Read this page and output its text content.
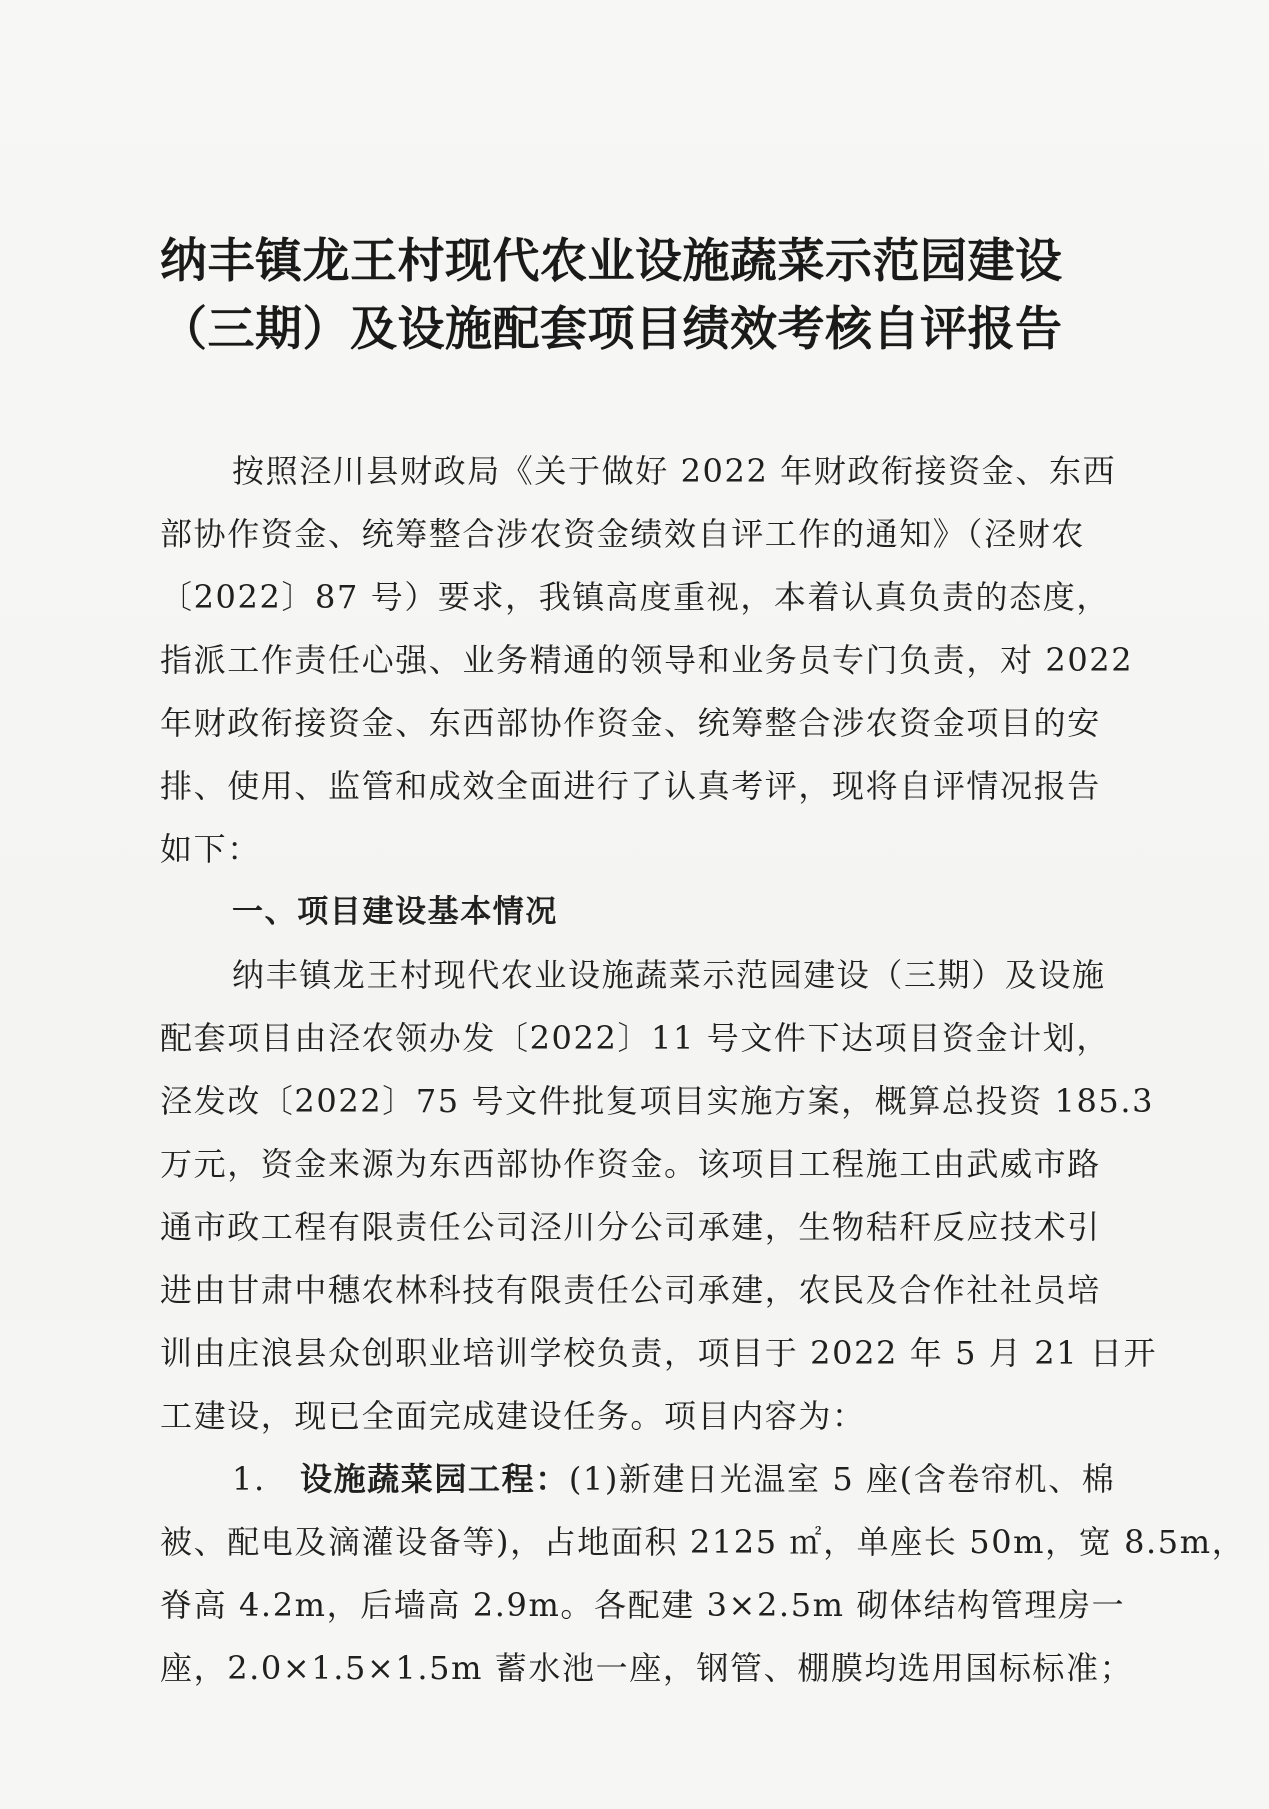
纳丰镇龙王村现代农业设施蔬菜示范园建设
（三期）及设施配套项目绩效考核自评报告
按照泾川县财政局《关于做好 2022 年财政衔接资金、东西
部协作资金、统筹整合涉农资金绩效自评工作的通知》（泾财农
〔2022〕87 号）要求，我镇高度重视，本着认真负责的态度，
指派工作责任心强、业务精通的领导和业务员专门负责，对 2022
年财政衔接资金、东西部协作资金、统筹整合涉农资金项目的安
排、使用、监管和成效全面进行了认真考评，现将自评情况报告
如下：
一、项目建设基本情况
纳丰镇龙王村现代农业设施蔬菜示范园建设（三期）及设施
配套项目由泾农领办发〔2022〕11 号文件下达项目资金计划，
泾发改〔2022〕75 号文件批复项目实施方案，概算总投资 185.3
万元，资金来源为东西部协作资金。该项目工程施工由武威市路
通市政工程有限责任公司泾川分公司承建，生物秸秆反应技术引
进由甘肃中穗农林科技有限责任公司承建，农民及合作社社员培
训由庄浪县众创职业培训学校负责，项目于 2022 年 5 月 21 日开
工建设，现已全面完成建设任务。项目内容为：
1. 设施蔬菜园工程：(1)新建日光温室 5 座(含卷帘机、棉
被、配电及滴灌设备等)，占地面积 2125 ㎡，单座长 50m，宽 8.5m，
脊高 4.2m，后墙高 2.9m。各配建 3×2.5m 砌体结构管理房一
座，2.0×1.5×1.5m 蓄水池一座，钢管、棚膜均选用国标标准；
